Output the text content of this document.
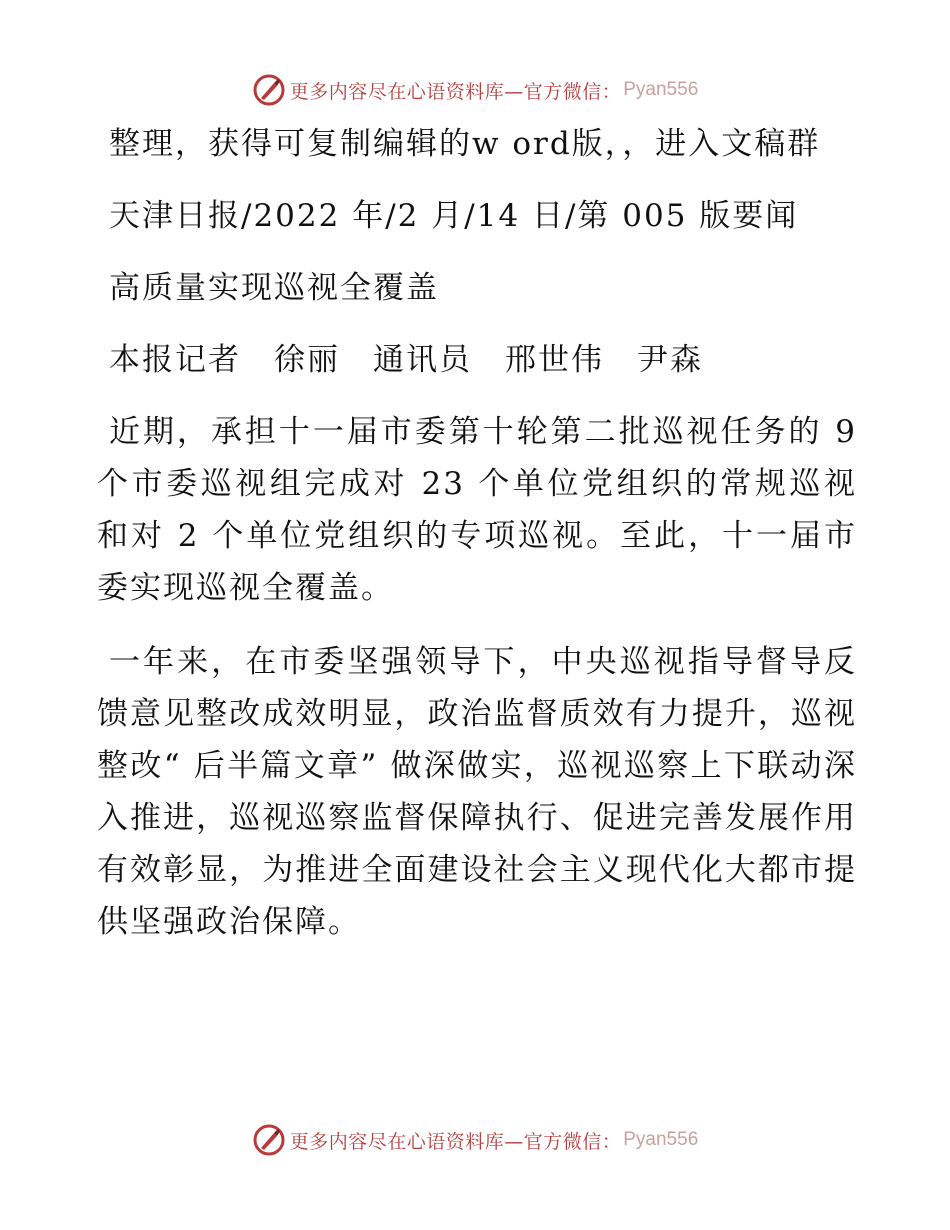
更多内容尽在心语资料库—官方微信： Pyan556

整理，获得可复制编辑的w ord版，，进入文稿群

天津日报/2022 年/2 月/14 日/第 005 版要闻

高质量实现巡视全覆盖

本报记者　徐丽　通讯员　邢世伟　尹森

近期，承担十一届市委第十轮第二批巡视任务的 9 个市委巡视组完成对 23 个单位党组织的常规巡视和对 2 个单位党组织的专项巡视。至此，十一届市委实现巡视全覆盖。

一年来，在市委坚强领导下，中央巡视指导督导反馈意见整改成效明显，政治监督质效有力提升，巡视整改“ 后半篇文章” 做深做实，巡视巡察上下联动深入推进，巡视巡察监督保障执行、促进完善发展作用有效彰显，为推进全面建设社会主义现代化大都市提供坚强政治保障。

更多内容尽在心语资料库—官方微信： Pyan556
